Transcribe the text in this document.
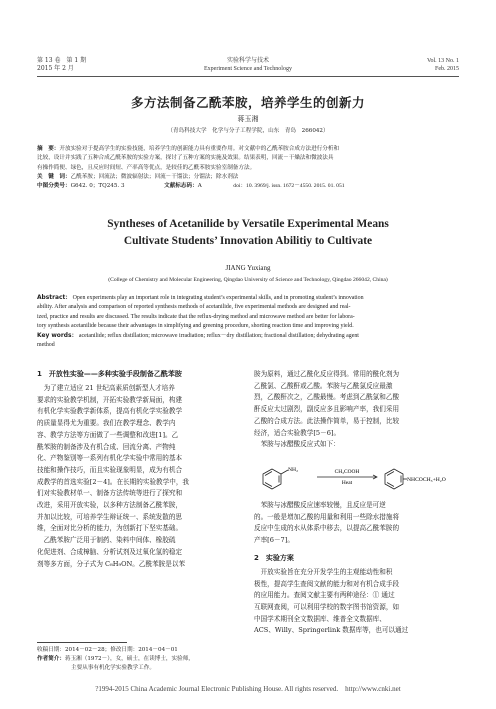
第 13 卷　第 1 期
2015 年 2 月
实验科学与技术
Experiment Science and Technology
Vol. 13 No. 1
Feb. 2015
多方法制备乙酰苯胺，培养学生的创新力
蒋玉湘
（青岛科技大学　化学与分子工程学院，山东　青岛　266042）
摘　要：开放实验对于提高学生的实验技能，培养学生的创新能力具有重要作用。对文献中的乙酰苯胺合成方法进行分析和
比较，设计并实践了五种合成乙酰苯胺的实验方案，探讨了五种方案的实施及效果。结果表明，回流－干燥法和微波法具
有操作简便、绿色，且反应时间短、产率高等优点，是较佳的乙酰苯胺实验室制备方法。
关　键　词：乙酰苯胺；回流法；微波辐射法；回流－干馏法；分馏法；除水剂法
中图分类号：G642. 0；TQ245. 3	文献标志码：A	doi：10. 3969/j. issn. 1672－4550. 2015. 01. 051
Syntheses of Acetanilide by Versatile Experimental Means
Cultivate Students’ Innovation Abilitiy to Cultivate
JIANG Yuxiang
(College of Chemistry and Molecular Engineering, Qingdao University of Science and Technology, Qingdao 266042, China)
Abstract： Open experiments play an important role in integrating student’s experimental skills, and in promoting student’s innovation
ability. After analysis and comparison of reported synthesis methods of acetanilide, five experimental methods are designed and real-
ized, practice and results are discussed. The results indicate that the reflux-drying method and microwave method are better for labora-
tory synthesis acetanilide because their advantages in simplifying and greening procedure, shorting reaction time and improving yield.
Key words： acetanilide; reflux distillation; microwave irradiation; reflux－dry distillation; fractional distillation; dehydrating agent
method
1　开放性实验——多种实验手段制备乙酰苯胺
　为了建立适应 21 世纪高素质创新型人才培养
要求的实验教学机制，开拓实验教学新局面，构建
有机化学实验教学新体系，提高有机化学实验教学
的质量显得尤为重要。我们在教学理念、教学内
容、教学方法等方面做了一些调整和改进[1]。乙
酰苯胺的制备涉及有机合成、回流分离、产物纯
化、产物鉴别等一系列有机化学实验中常用的基本
技能和操作技巧，而且实验现象明显，成为有机合
成教学的首选实验[2－4]。在长期的实验教学中，我
们对实验教材单一、制备方法传统等进行了探究和
改进，采用开放实验，以多种方法制备乙酰苯胺，
并加以比较，可培养学生辩证统一、系统发散的思
维，全面对比分析的能力，为创新打下坚实基础。
　乙酰苯胺广泛用于制药、染料中间体、橡胶硫
化促进剂、合成樟脑、分析试剂及过氧化氢的稳定
剂等多方面，分子式为 C₈H₉ON。乙酰苯胺是以苯
收稿日期：2014－02－28；修改日期：2014－04－01
作者简介：蒋玉湘（1972－），女，硕士，在读博士，实验师，
主要从事有机化学实验教学工作。
胺为原料，通过乙酰化反应得到。常用的酰化剂为
乙酰氯、乙酸酐或乙酸。苯胺与乙酰氯反应最激
烈，乙酸酐次之，乙酸最慢。考虑到乙酰氯和乙酸
酐反应太过剧烈，副反应多且影响产率，我们采用
乙酸的合成方法。此法操作简单，易于控制，比较
经济，适合实验教学[5－6]。
　苯胺与冰醋酸反应式如下：
NH₂	CH₃COOH
Heat	NHCOCH₃+H₂O
　苯胺与冰醋酸反应速率较慢，且反应是可逆
的。一般是增加乙酸的用量和利用一些除水措施将
反应中生成的水从体系中移去，以提高乙酰苯胺的
产率[6－7]。
2　实验方案
　开放实验旨在充分开发学生的主观能动性和积
极性，提高学生查阅文献的能力和对有机合成手段
的应用能力。查阅文献主要有两种途径：① 通过
互联网查阅，可以利用学校的数字图书馆资源，如
中国学术期刊全文数据库、维普全文数据库、
ACS、Willy、Springerlink 数据库等，也可以通过
?1994-2015 China Academic Journal Electronic Publishing House. All rights reserved.　http://www.cnki.net
